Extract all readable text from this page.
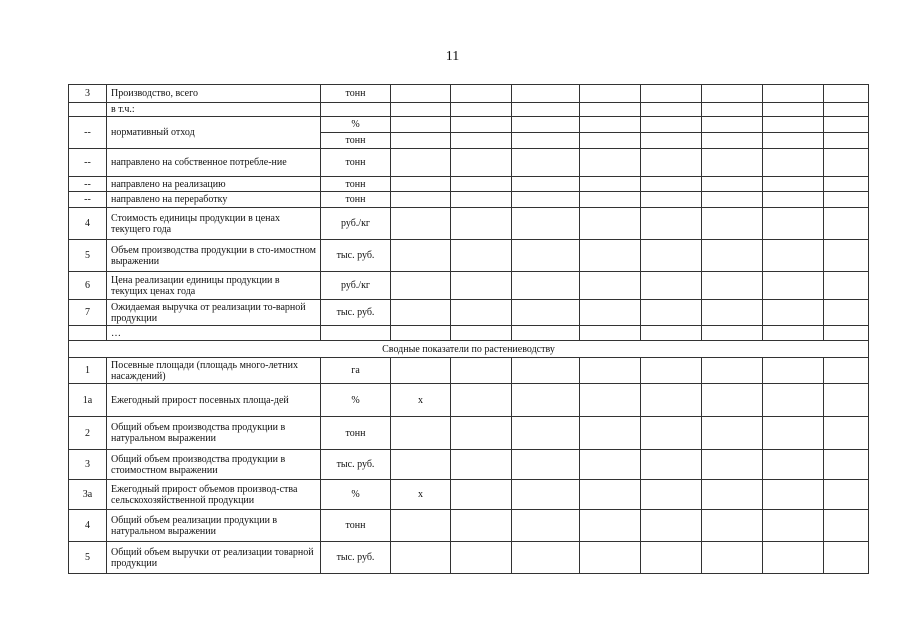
11
3	Производство, всего	тонн								
	в т.ч.:									
--	нормативный отход	%								
		тонн								
--	направлено на собственное потребле-ние	тонн								
--	направлено на реализацию	тонн								
--	направлено на переработку	тонн								
4	Стоимость единицы продукции в ценах текущего года	руб./кг								
5	Объем производства продукции в сто-имостном выражении	тыс. руб.								
6	Цена реализации единицы продукции в текущих ценах года	руб./кг								
7	Ожидаемая выручка от реализации то-варной продукции	тыс. руб.								
	…									
Сводные показатели по растениеводству										
1	Посевные площади (площадь много-летних насаждений)	га								
1а	Ежегодный прирост посевных площа-дей	%	х							
2	Общий объем производства продукции в натуральном выражении	тонн								
3	Общий объем производства продукции в стоимостном выражении	тыс. руб.								
3а	Ежегодный прирост объемов производ-ства сельскохозяйственной продукции	%	х							
4	Общий объем реализации продукции в натуральном выражении	тонн								
5	Общий объем выручки от реализации товарной продукции	тыс. руб.								
